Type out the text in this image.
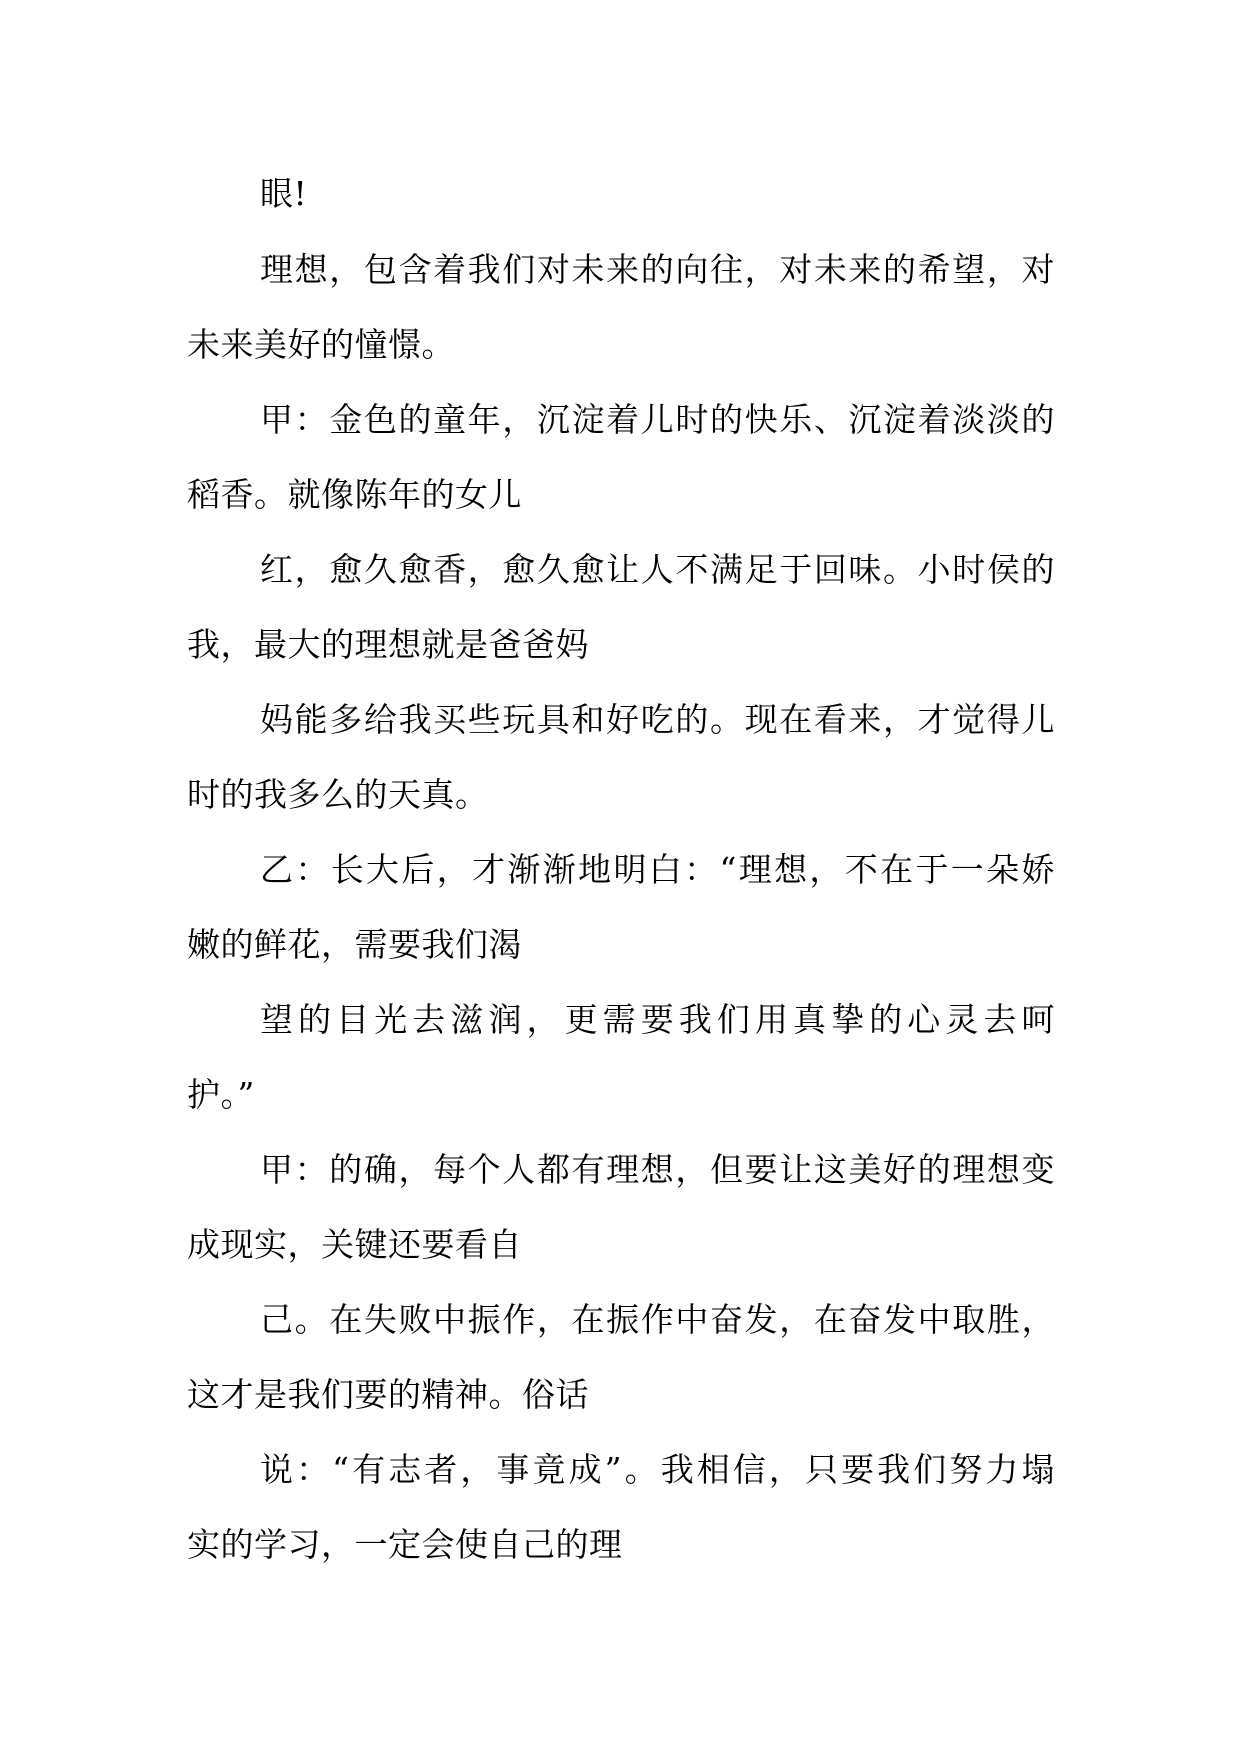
眼!
理想，包含着我们对未来的向往，对未来的希望，对
未来美好的憧憬。
甲：金色的童年，沉淀着儿时的快乐、沉淀着淡淡的
稻香。就像陈年的女儿
红，愈久愈香，愈久愈让人不满足于回味。小时侯的
我，最大的理想就是爸爸妈
妈能多给我买些玩具和好吃的。现在看来，才觉得儿
时的我多么的天真。
乙：长大后，才渐渐地明白：“理想，不在于一朵娇
嫩的鲜花，需要我们渴
望的目光去滋润，更需要我们用真挚的心灵去呵
护。”
甲：的确，每个人都有理想，但要让这美好的理想变
成现实，关键还要看自
己。在失败中振作，在振作中奋发，在奋发中取胜，
这才是我们要的精神。俗话
说：“有志者，事竟成”。我相信，只要我们努力塌
实的学习，一定会使自己的理
